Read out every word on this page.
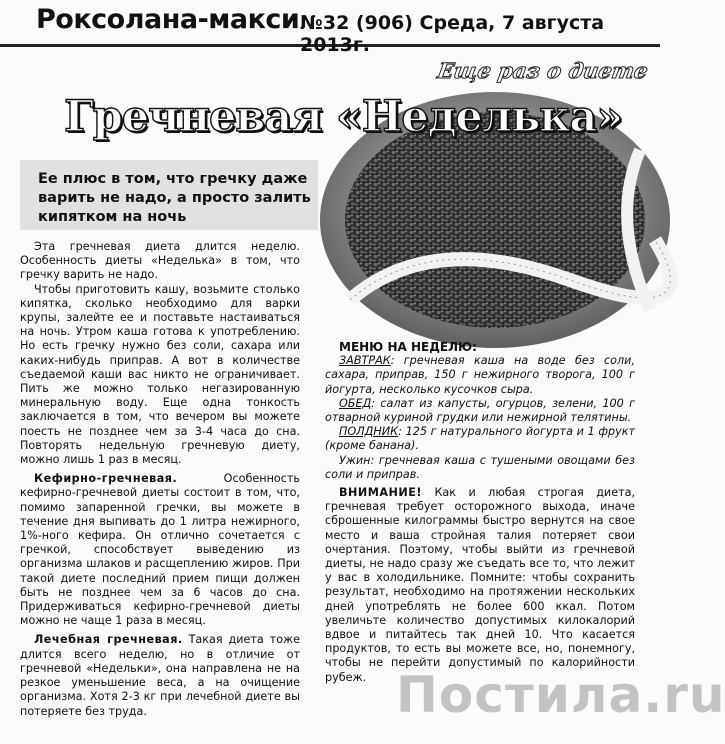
Роксолана-макси №32 (906) Среда, 7 августа 2013г.
Еще раз о диете
Гречневая «Неделька»
Ее плюс в том, что гречку даже варить не надо, а просто залить кипятком на ночь

Эта гречневая диета длится неделю. Особенность диеты «Неделька» в том, что гречку варить не надо.

Чтобы приготовить кашу, возьмите столько кипятка, сколько необходимо для варки крупы, залейте ее и поставьте настаиваться на ночь. Утром каша готова к употреблению. Но есть гречку нужно без соли, сахара или каких-нибудь приправ. А вот в количестве съедаемой каши вас никто не ограничивает. Пить же можно только негазированную минеральную воду. Еще одна тонкость заключается в том, что вечером вы можете поесть не позднее чем за 3-4 часа до сна. Повторять недельную гречневую диету, можно лишь 1 раз в месяц.

Кефирно-гречневая.	Особенность кефирно-гречневой диеты состоит в том, что, помимо запаренной гречки, вы можете в течение дня выпивать до 1 литра нежирного, 1%-ного кефира. Он отлично сочетается с гречкой, способствует выведению из организма шлаков и расщеплению жиров. При такой диете последний прием пищи должен быть не позднее чем за 6 часов до сна. Придерживаться кефирно-гречневой диеты можно не чаще 1 раза в месяц.

Лечебная гречневая. Такая диета тоже длится всего неделю, но в отличие от гречневой «Недельки», она направлена не на резкое уменьшение веса, а на очищение организма. Хотя 2-3 кг при лечебной диете вы потеряете без труда.

МЕНЮ НА НЕДЕЛЮ:

ЗАВТРАК: гречневая каша на воде без соли, сахара, приправ, 150 г нежирного творога, 100 г йогурта, несколько кусочков сыра.

ОБЕД: салат из капусты, огурцов, зелени, 100 г отварной куриной грудки или нежирной телятины.

ПОЛДНИК: 125 г натурального йогурта и 1 фрукт (кроме банана).

Ужин: гречневая каша с тушеными овощами без соли и приправ.

ВНИМАНИЕ! Как и любая строгая диета, гречневая требует осторожного выхода, иначе сброшенные килограммы быстро вернутся на свое место и ваша стройная талия потеряет свои очертания. Поэтому, чтобы выйти из гречневой диеты, не надо сразу же съедать все то, что лежит у вас в холодильнике. Помните: чтобы сохранить результат, необходимо на протяжении нескольких дней употреблять не более 600 ккал. Потом увеличьте количество допустимых килокалорий вдвое и питайтесь так дней 10. Что касается продуктов, то есть вы можете все, но, понемногу, чтобы не перейти допустимый по калорийности рубеж. Постила.ru
